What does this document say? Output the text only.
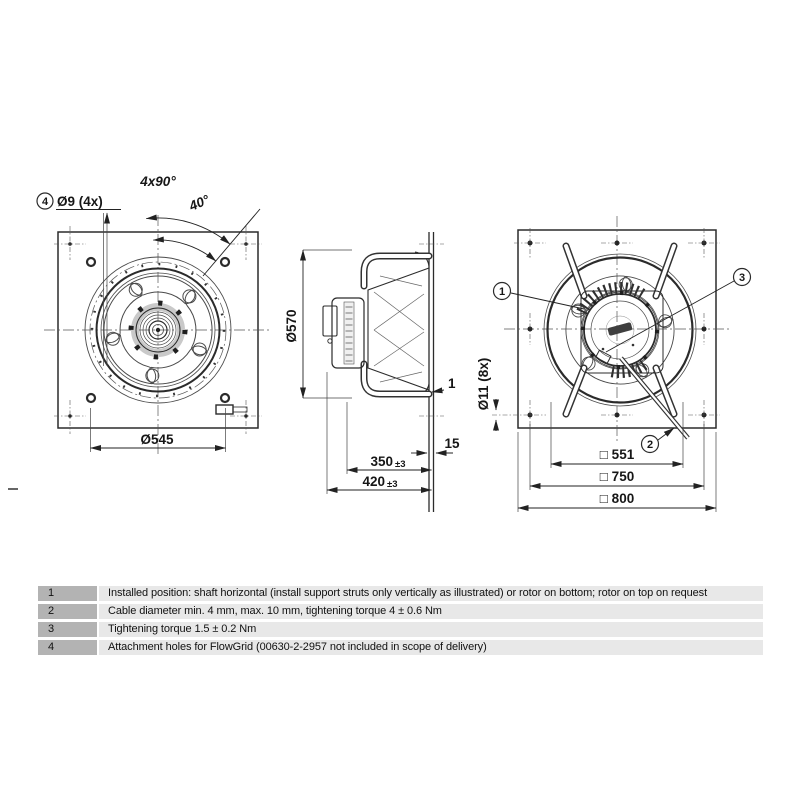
4x90°
40°
4 Ø9 (4x)
Ø545
Ø570
1
15
350 ±3
420 ±3
1
3
2
Ø11 (8x)
□ 551
□ 750
□ 800
1	Installed position: shaft horizontal (install support struts only vertically as illustrated) or rotor on bottom; rotor on top on request
2	Cable diameter min. 4 mm, max. 10 mm, tightening torque 4 ± 0.6 Nm
3	Tightening torque 1.5 ± 0.2 Nm
4	Attachment holes for FlowGrid (00630-2-2957 not included in scope of delivery)
